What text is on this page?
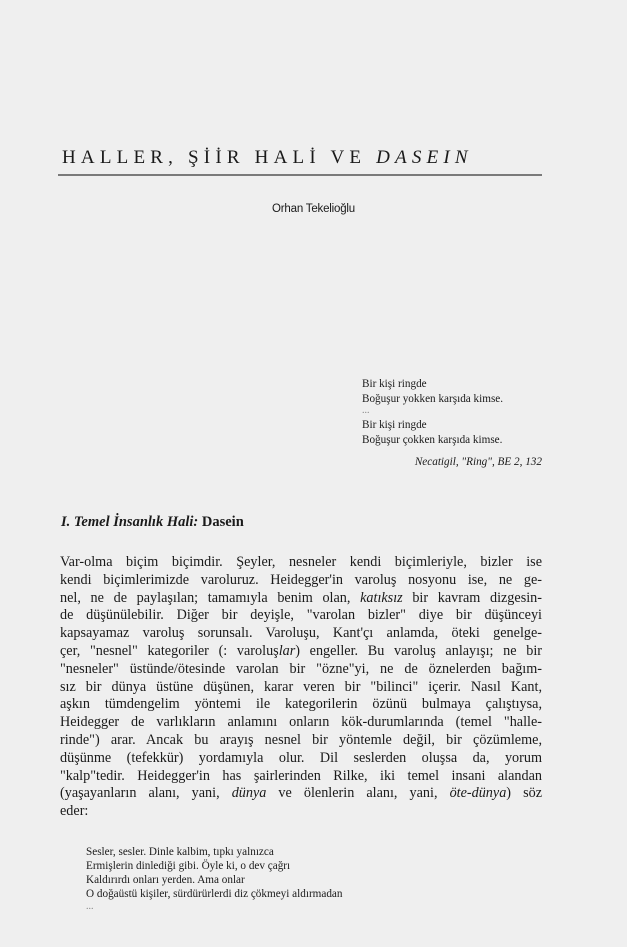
HALLER, ŞİİR HALİ VE DASEIN
Orhan Tekelioğlu
Bir kişi ringde
Boğuşur yokken karşıda kimse.
...
Bir kişi ringde
Boğuşur çokken karşıda kimse.
Necatigil, "Ring", BE 2, 132
I. Temel İnsanlık Hali: Dasein
Var-olma biçim biçimdir. Şeyler, nesneler kendi biçimleriyle, bizler ise
kendi biçimlerimizde varoluruz. Heidegger'in varoluş nosyonu ise, ne ge-
nel, ne de paylaşılan; tamamıyla benim olan, katıksız bir kavram dizgesin-
de düşünülebilir. Diğer bir deyişle, "varolan bizler" diye bir düşünceyi
kapsayamaz varoluş sorunsalı. Varoluşu, Kant'çı anlamda, öteki genelge-
çer, "nesnel" kategoriler (: varoluşlar) engeller. Bu varoluş anlayışı; ne bir
"nesneler" üstünde/ötesinde varolan bir "özne"yi, ne de öznelerden bağım-
sız bir dünya üstüne düşünen, karar veren bir "bilinci" içerir. Nasıl Kant,
aşkın tümdengelim yöntemi ile kategorilerin özünü bulmaya çalıştıysa,
Heidegger de varlıkların anlamını onların kök-durumlarında (temel "halle-
rinde") arar. Ancak bu arayış nesnel bir yöntemle değil, bir çözümleme,
düşünme (tefekkür) yordamıyla olur. Dil seslerden oluşsa da, yorum
"kalp"tedir. Heidegger'in has şairlerinden Rilke, iki temel insani alandan
(yaşayanların alanı, yani, dünya ve ölenlerin alanı, yani, öte-dünya) söz
eder:
Sesler, sesler. Dinle kalbim, tıpkı yalnızca
Ermişlerin dinlediği gibi. Öyle ki, o dev çağrı
Kaldırırdı onları yerden. Ama onlar
O doğaüstü kişiler, sürdürürlerdi diz çökmeyi aldırmadan
...
